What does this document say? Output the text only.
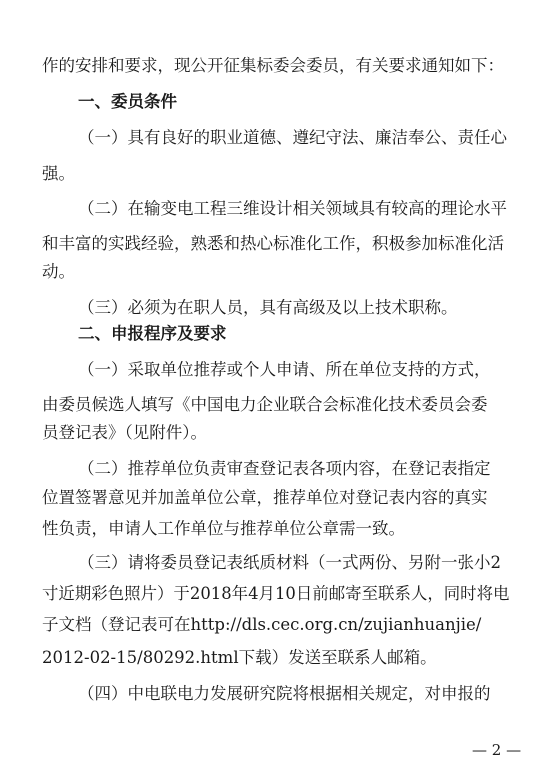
作的安排和要求，现公开征集标委会委员，有关要求通知如下：
一、委员条件
（一）具有良好的职业道德、遵纪守法、廉洁奉公、责任心
强。
（二）在输变电工程三维设计相关领域具有较高的理论水平
和丰富的实践经验，熟悉和热心标准化工作，积极参加标准化活
动。
（三）必须为在职人员，具有高级及以上技术职称。
二、申报程序及要求
（一）采取单位推荐或个人申请、所在单位支持的方式，
由委员候选人填写《中国电力企业联合会标准化技术委员会委
员登记表》（见附件）。
（二）推荐单位负责审查登记表各项内容，在登记表指定
位置签署意见并加盖单位公章，推荐单位对登记表内容的真实
性负责，申请人工作单位与推荐单位公章需一致。
（三）请将委员登记表纸质材料（一式两份、另附一张小2
寸近期彩色照片）于2018年4月10日前邮寄至联系人，同时将电
子文档（登记表可在http://dls.cec.org.cn/zujianhuanjie/
2012-02-15/80292.html下载）发送至联系人邮箱。
（四）中电联电力发展研究院将根据相关规定，对申报的
— 2 —
